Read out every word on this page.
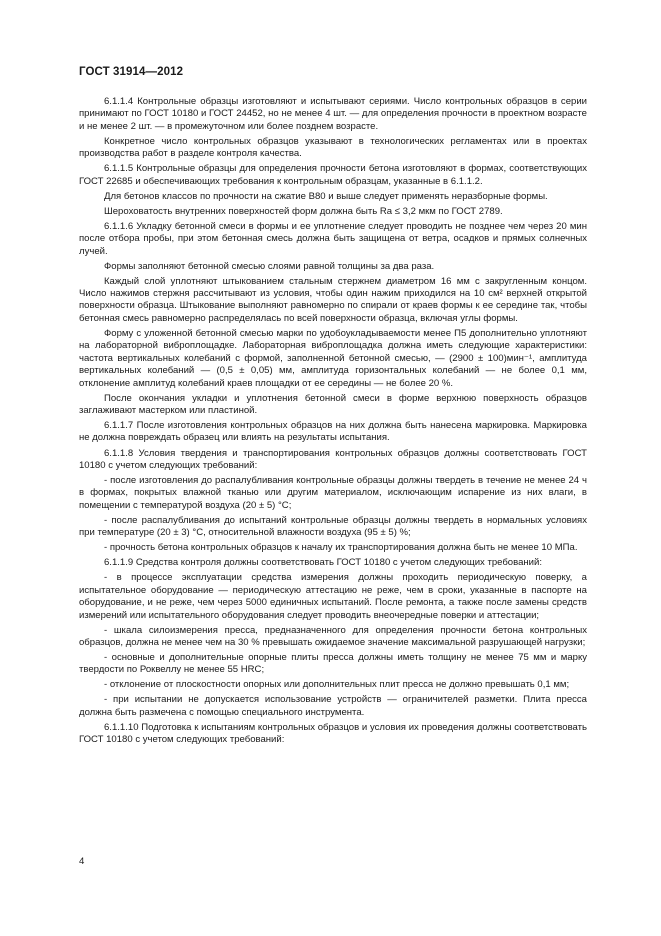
ГОСТ 31914—2012

6.1.1.4 Контрольные образцы изготовляют и испытывают сериями. Число контрольных образцов в серии принимают по ГОСТ 10180 и ГОСТ 24452, но не менее 4 шт. — для определения прочности в проектном возрасте и не менее 2 шт. — в промежуточном или более позднем возрасте.

Конкретное число контрольных образцов указывают в технологических регламентах или в проектах производства работ в разделе контроля качества.

6.1.1.5 Контрольные образцы для определения прочности бетона изготовляют в формах, соответствующих ГОСТ 22685 и обеспечивающих требования к контрольным образцам, указанные в 6.1.1.2.

Для бетонов классов по прочности на сжатие В80 и выше следует применять неразборные формы.

Шероховатость внутренних поверхностей форм должна быть Ra ≤ 3,2 мкм по ГОСТ 2789.

6.1.1.6 Укладку бетонной смеси в формы и ее уплотнение следует проводить не позднее чем через 20 мин после отбора пробы, при этом бетонная смесь должна быть защищена от ветра, осадков и прямых солнечных лучей.

Формы заполняют бетонной смесью слоями равной толщины за два раза.

Каждый слой уплотняют штыкованием стальным стержнем диаметром 16 мм с закругленным концом. Число нажимов стержня рассчитывают из условия, чтобы один нажим приходился на 10 см² верхней открытой поверхности образца. Штыкование выполняют равномерно по спирали от краев формы к ее середине так, чтобы бетонная смесь равномерно распределялась по всей поверхности образца, включая углы формы.

Форму с уложенной бетонной смесью марки по удобоукладываемости менее П5 дополнительно уплотняют на лабораторной виброплощадке. Лабораторная виброплощадка должна иметь следующие характеристики: частота вертикальных колебаний с формой, заполненной бетонной смесью, — (2900 ± 100)мин⁻¹, амплитуда вертикальных колебаний — (0,5 ± 0,05) мм, амплитуда горизонтальных колебаний — не более 0,1 мм, отклонение амплитуд колебаний краев площадки от ее середины — не более 20 %.

После окончания укладки и уплотнения бетонной смеси в форме верхнюю поверхность образцов заглаживают мастерком или пластиной.

6.1.1.7 После изготовления контрольных образцов на них должна быть нанесена маркировка. Маркировка не должна повреждать образец или влиять на результаты испытания.

6.1.1.8 Условия твердения и транспортирования контрольных образцов должны соответствовать ГОСТ 10180 с учетом следующих требований:

- после изготовления до распалубливания контрольные образцы должны твердеть в течение не менее 24 ч в формах, покрытых влажной тканью или другим материалом, исключающим испарение из них влаги, в помещении с температурой воздуха (20 ± 5) °С;

- после распалубливания до испытаний контрольные образцы должны твердеть в нормальных условиях при температуре (20 ± 3) °С, относительной влажности воздуха (95 ± 5) %;

- прочность бетона контрольных образцов к началу их транспортирования должна быть не менее 10 МПа.

6.1.1.9 Средства контроля должны соответствовать ГОСТ 10180 с учетом следующих требований:

- в процессе эксплуатации средства измерения должны проходить периодическую поверку, а испытательное оборудование — периодическую аттестацию не реже, чем в сроки, указанные в паспорте на оборудование, и не реже, чем через 5000 единичных испытаний. После ремонта, а также после замены средств измерений или испытательного оборудования следует проводить внеочередные поверки и аттестации;

- шкала силоизмерения пресса, предназначенного для определения прочности бетона контрольных образцов, должна не менее чем на 30 % превышать ожидаемое значение максимальной разрушающей нагрузки;

- основные и дополнительные опорные плиты пресса должны иметь толщину не менее 75 мм и марку твердости по Роквеллу не менее 55 HRC;

- отклонение от плоскостности опорных или дополнительных плит пресса не должно превышать 0,1 мм;

- при испытании не допускается использование устройств — ограничителей разметки. Плита пресса должна быть размечена с помощью специального инструмента.

6.1.1.10 Подготовка к испытаниям контрольных образцов и условия их проведения должны соответствовать ГОСТ 10180 с учетом следующих требований:

4
